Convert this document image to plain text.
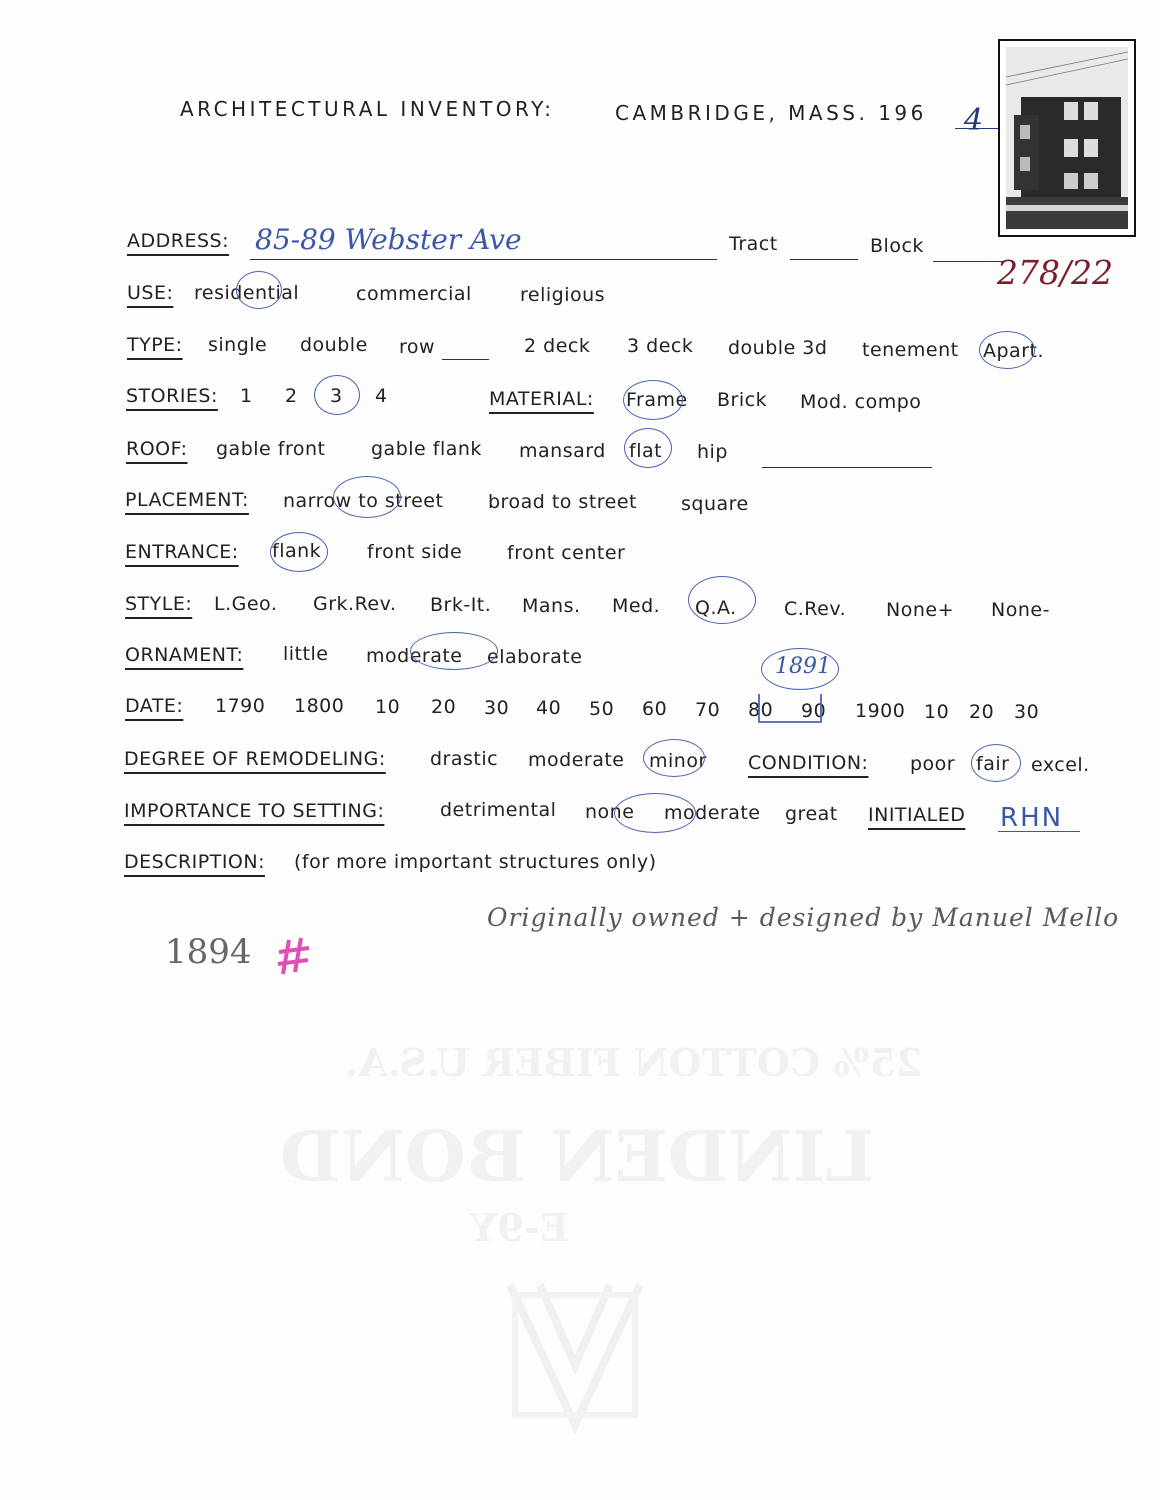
25% COTTON FIBER U.S.A.
LINDEN BOND
E-9Y
ARCHITECTURAL INVENTORY:	CAMBRIDGE, MASS. 196 4
278/22
ADDRESS: 85-89 Webster Ave	Tract	Block
USE: residential	commercial	religious
TYPE: single double row	2 deck 3 deck double 3d tenement Apart.
STORIES: 1 2 3 4	MATERIAL: Frame Brick Mod. compo
ROOF: gable front gable flank mansard flat hip
PLACEMENT: narrow to street broad to street square
ENTRANCE: flank front side front center
STYLE: L.Geo. Grk.Rev. Brk-It. Mans. Med. Q.A. C.Rev. None+ None-
ORNAMENT: little moderate elaborate
DATE: 1790 1800 10 20 30 40 50 60 70 80 90 1900 10 20 30
1891
DEGREE OF REMODELING: drastic moderate minor CONDITION: poor fair excel.
IMPORTANCE TO SETTING:	detrimental none moderate great INITIALED RHN
DESCRIPTION: (for more important structures only)
Originally owned + designed by Manuel Mello
1894
